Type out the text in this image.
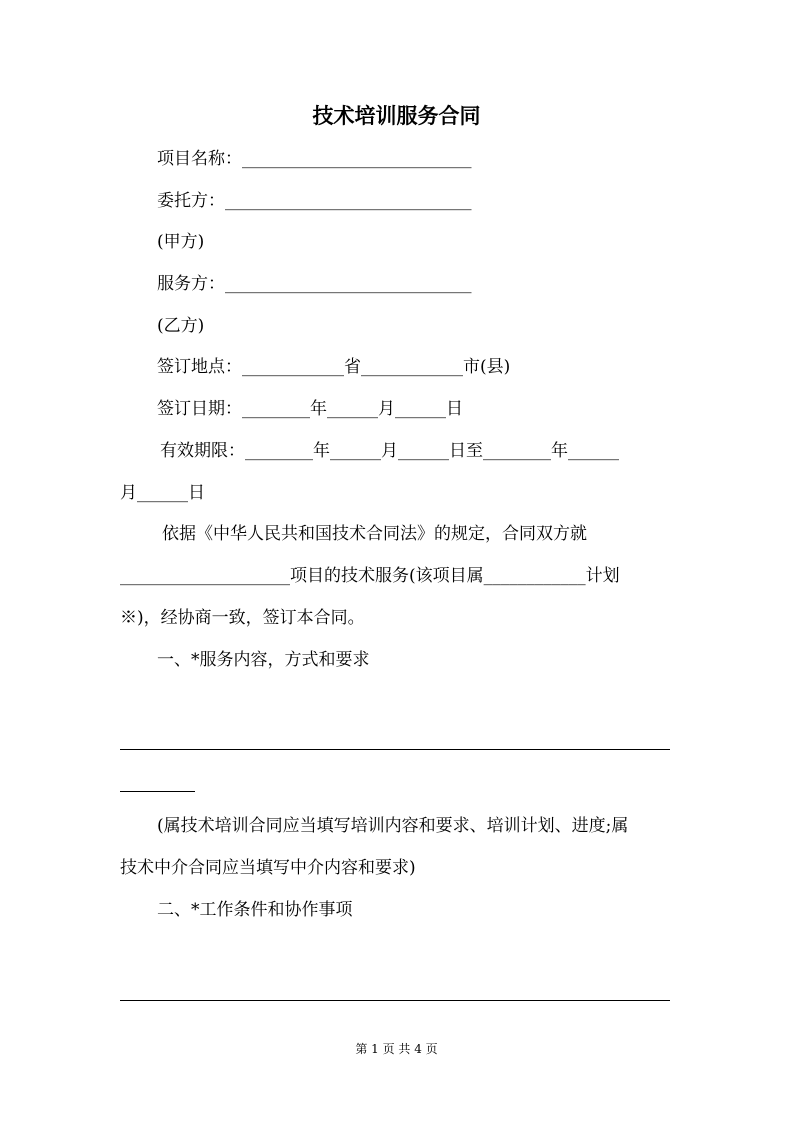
技术培训服务合同
项目名称：___________________________
委托方：_____________________________
(甲方)
服务方：_____________________________
(乙方)
签订地点：____________省____________市(县)
签订日期：________年______月______日
有效期限：________年______月______日至________年______
月______日
依据《中华人民共和国技术合同法》的规定，合同双方就
____________________项目的技术服务(该项目属____________计划
※)，经协商一致，签订本合同。
一、*服务内容，方式和要求
(属技术培训合同应当填写培训内容和要求、培训计划、进度;属
技术中介合同应当填写中介内容和要求)
二、*工作条件和协作事项
第 1 页 共 4 页
